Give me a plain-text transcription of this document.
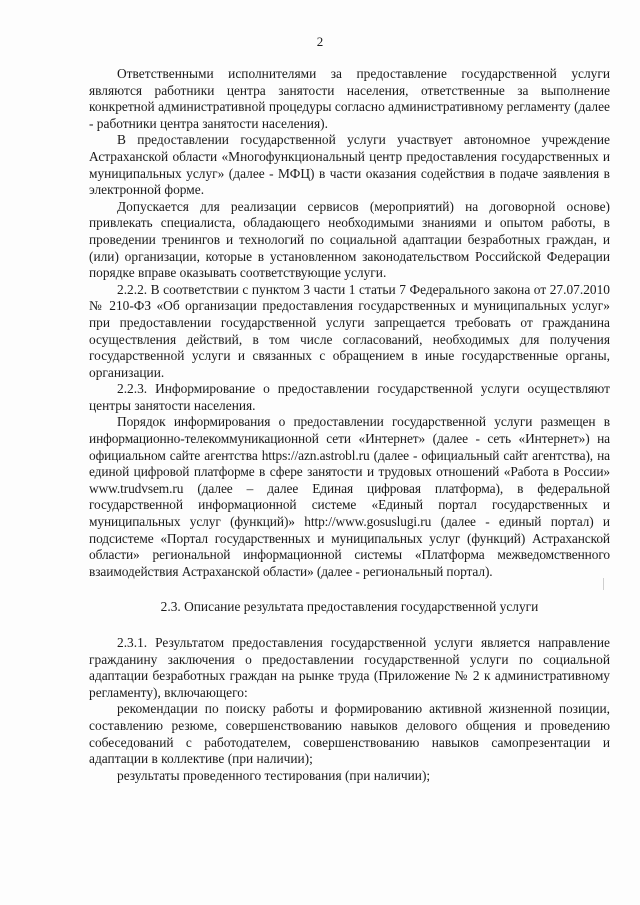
2

Ответственными исполнителями за предоставление государственной услуги являются работники центра занятости населения, ответственные за выполнение конкретной административной процедуры согласно административному регламенту (далее - работники центра занятости населения).

В предоставлении государственной услуги участвует автономное учреждение Астраханской области «Многофункциональный центр предоставления государственных и муниципальных услуг» (далее - МФЦ) в части оказания содействия в подаче заявления в электронной форме.

Допускается для реализации сервисов (мероприятий) на договорной основе) привлекать специалиста, обладающего необходимыми знаниями и опытом работы, в проведении тренингов и технологий по социальной адаптации безработных граждан, и (или) организации, которые в установленном законодательством Российской Федерации порядке вправе оказывать соответствующие услуги.

2.2.2. В соответствии с пунктом 3 части 1 статьи 7 Федерального закона от 27.07.2010 № 210-ФЗ «Об организации предоставления государственных и муниципальных услуг» при предоставлении государственной услуги запрещается требовать от гражданина осуществления действий, в том числе согласований, необходимых для получения государственной услуги и связанных с обращением в иные государственные органы, организации.

2.2.3. Информирование о предоставлении государственной услуги осуществляют центры занятости населения.

Порядок информирования о предоставлении государственной услуги размещен в информационно-телекоммуникационной сети «Интернет» (далее - сеть «Интернет») на официальном сайте агентства https://azn.astrobl.ru (далее - официальный сайт агентства), на единой цифровой платформе в сфере занятости и трудовых отношений «Работа в России» www.trudvsem.ru (далее – далее Единая цифровая платформа), в федеральной государственной информационной системе «Единый портал государственных и муниципальных услуг (функций)» http://www.gosuslugi.ru (далее - единый портал) и подсистеме «Портал государственных и муниципальных услуг (функций) Астраханской области» региональной информационной системы «Платформа межведомственного взаимодействия Астраханской области» (далее - региональный портал).

2.3. Описание результата предоставления государственной услуги

2.3.1. Результатом предоставления государственной услуги является направление гражданину заключения о предоставлении государственной услуги по социальной адаптации безработных граждан на рынке труда (Приложение № 2 к административному регламенту), включающего:

рекомендации по поиску работы и формированию активной жизненной позиции, составлению резюме, совершенствованию навыков делового общения и проведению собеседований с работодателем, совершенствованию навыков самопрезентации и адаптации в коллективе (при наличии);

результаты проведенного тестирования (при наличии);
